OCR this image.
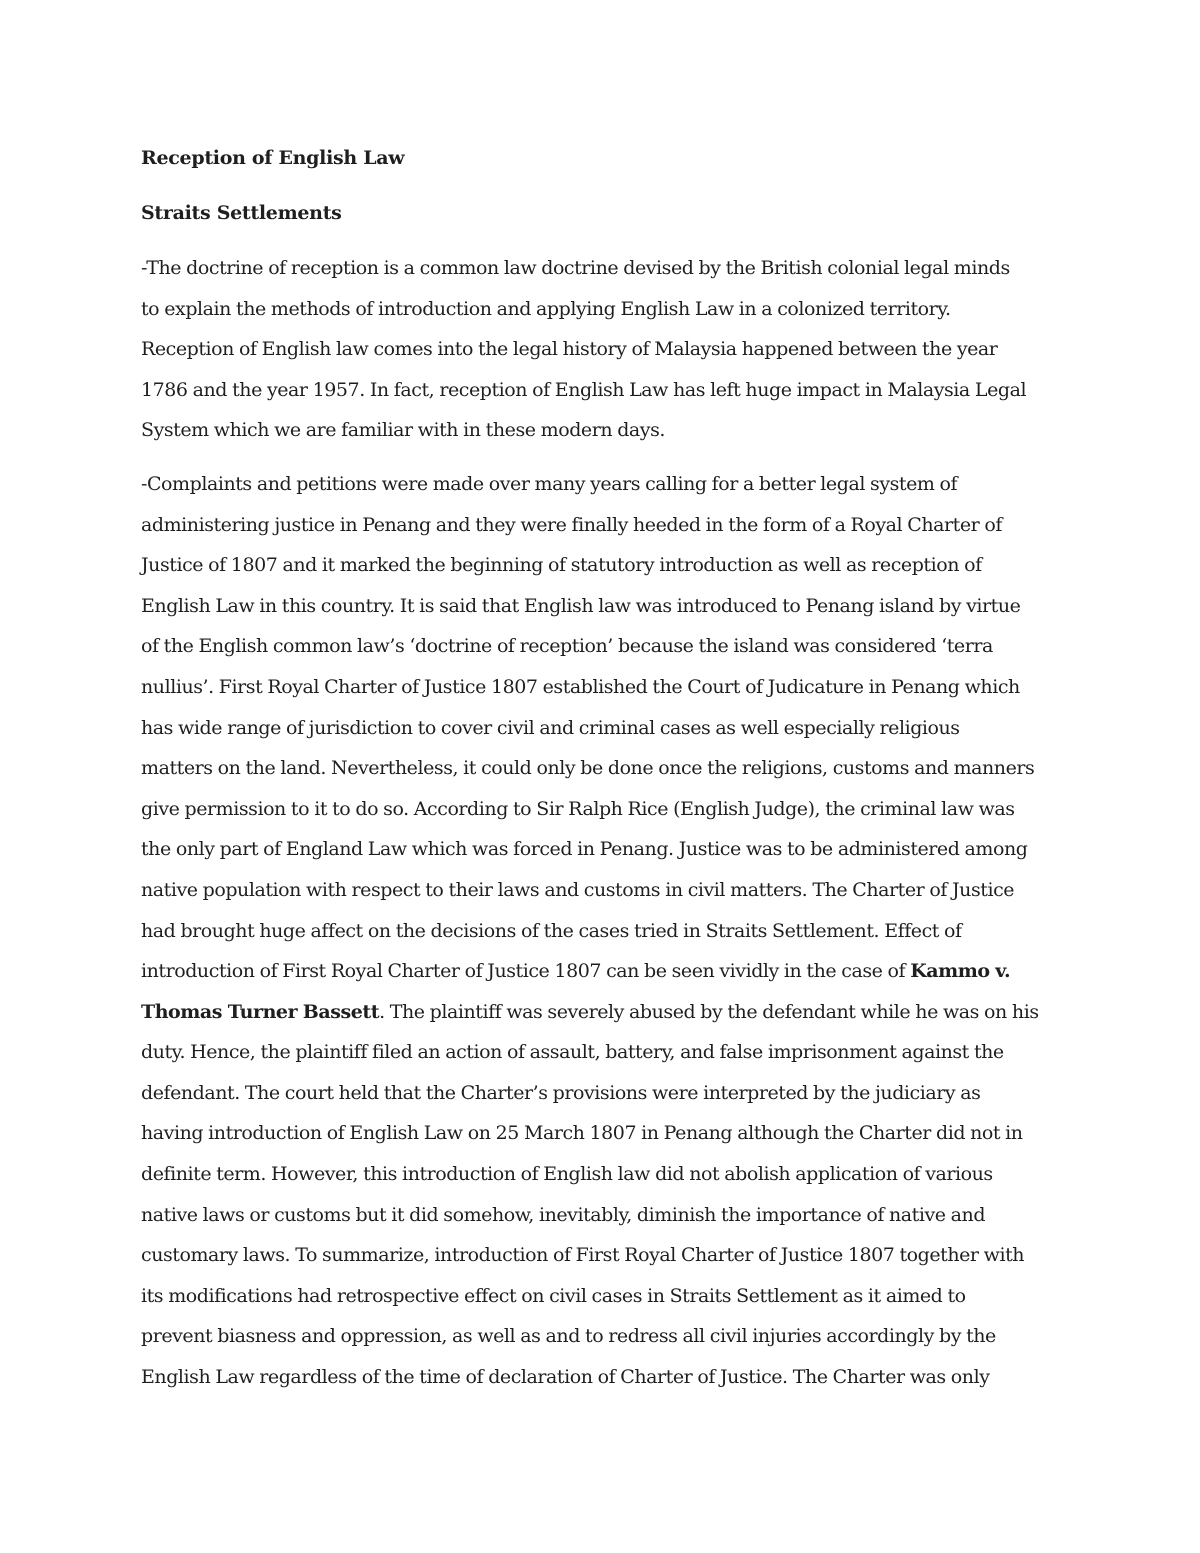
Reception of English Law
Straits Settlements

-The doctrine of reception is a common law doctrine devised by the British colonial legal minds
to explain the methods of introduction and applying English Law in a colonized territory.
Reception of English law comes into the legal history of Malaysia happened between the year
1786 and the year 1957. In fact, reception of English Law has left huge impact in Malaysia Legal
System which we are familiar with in these modern days.

-Complaints and petitions were made over many years calling for a better legal system of
administering justice in Penang and they were finally heeded in the form of a Royal Charter of
Justice of 1807 and it marked the beginning of statutory introduction as well as reception of
English Law in this country. It is said that English law was introduced to Penang island by virtue
of the English common law’s ‘doctrine of reception’ because the island was considered ‘terra
nullius’. First Royal Charter of Justice 1807 established the Court of Judicature in Penang which
has wide range of jurisdiction to cover civil and criminal cases as well especially religious
matters on the land. Nevertheless, it could only be done once the religions, customs and manners
give permission to it to do so. According to Sir Ralph Rice (English Judge), the criminal law was
the only part of England Law which was forced in Penang. Justice was to be administered among
native population with respect to their laws and customs in civil matters. The Charter of Justice
had brought huge affect on the decisions of the cases tried in Straits Settlement. Effect of
introduction of First Royal Charter of Justice 1807 can be seen vividly in the case of Kammo v.
Thomas Turner Bassett. The plaintiff was severely abused by the defendant while he was on his
duty. Hence, the plaintiff filed an action of assault, battery, and false imprisonment against the
defendant. The court held that the Charter’s provisions were interpreted by the judiciary as
having introduction of English Law on 25 March 1807 in Penang although the Charter did not in
definite term. However, this introduction of English law did not abolish application of various
native laws or customs but it did somehow, inevitably, diminish the importance of native and
customary laws. To summarize, introduction of First Royal Charter of Justice 1807 together with
its modifications had retrospective effect on civil cases in Straits Settlement as it aimed to
prevent biasness and oppression, as well as and to redress all civil injuries accordingly by the
English Law regardless of the time of declaration of Charter of Justice. The Charter was only
